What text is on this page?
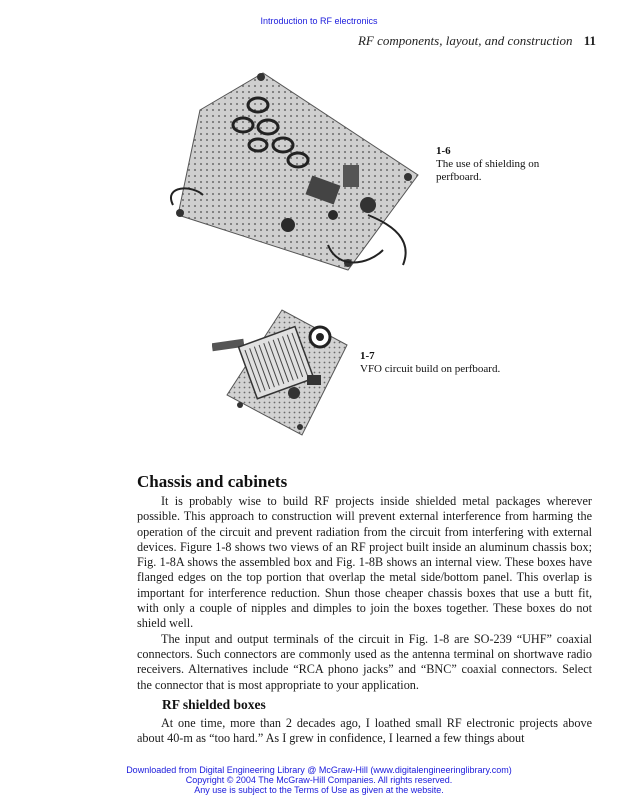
Introduction to RF electronics
RF components, layout, and construction 11
1-6
The use of shielding on perfboard.
1-7
VFO circuit build on perfboard.
Chassis and cabinets

It is probably wise to build RF projects inside shielded metal packages wherever possible. This approach to construction will prevent external interference from harming the operation of the circuit and prevent radiation from the circuit from interfering with external devices. Figure 1-8 shows two views of an RF project built inside an aluminum chassis box; Fig. 1-8A shows the assembled box and Fig. 1-8B shows an internal view. These boxes have flanged edges on the top portion that overlap the metal side/bottom panel. This overlap is important for interference reduction. Shun those cheaper chassis boxes that use a butt fit, with only a couple of nipples and dimples to join the boxes together. These boxes do not shield well.

The input and output terminals of the circuit in Fig. 1-8 are SO-239 “UHF” coaxial connectors. Such connectors are commonly used as the antenna terminal on shortwave radio receivers. Alternatives include “RCA phono jacks” and “BNC” coaxial connectors. Select the connector that is most appropriate to your application.

RF shielded boxes

At one time, more than 2 decades ago, I loathed small RF electronic projects above about 40-m as “too hard.” As I grew in confidence, I learned a few things about

Downloaded from Digital Engineering Library @ McGraw-Hill (www.digitalengineeringlibrary.com)
Copyright © 2004 The McGraw-Hill Companies. All rights reserved.
Any use is subject to the Terms of Use as given at the website.
